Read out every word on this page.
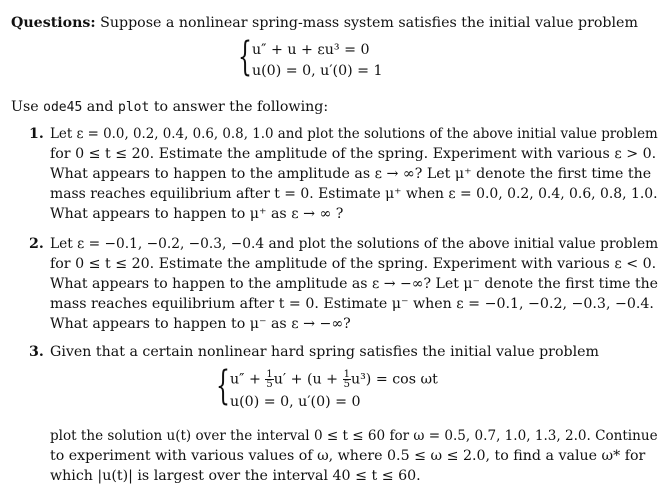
Questions: Suppose a nonlinear spring-mass system satisfies the initial value problem
{ u″ + u + εu³ = 0
u(0) = 0, u′(0) = 1
Use ode45 and plot to answer the following:
1. Let ε = 0.0, 0.2, 0.4, 0.6, 0.8, 1.0 and plot the solutions of the above initial value problem
for 0 ≤ t ≤ 20. Estimate the amplitude of the spring. Experiment with various ε > 0.
What appears to happen to the amplitude as ε → ∞? Let μ⁺ denote the first time the
mass reaches equilibrium after t = 0. Estimate μ⁺ when ε = 0.0, 0.2, 0.4, 0.6, 0.8, 1.0.
What appears to happen to μ⁺ as ε → ∞ ?
2. Let ε = −0.1, −0.2, −0.3, −0.4 and plot the solutions of the above initial value problem
for 0 ≤ t ≤ 20. Estimate the amplitude of the spring. Experiment with various ε < 0.
What appears to happen to the amplitude as ε → −∞? Let μ⁻ denote the first time the
mass reaches equilibrium after t = 0. Estimate μ⁻ when ε = −0.1, −0.2, −0.3, −0.4.
What appears to happen to μ⁻ as ε → −∞?
3. Given that a certain nonlinear hard spring satisfies the initial value problem
{ $u'' + \frac{1}{5} u' + (u + \frac{1}{5} u^3) = \cos \omega t$
u(0) = 0, u′(0) = 0
plot the solution u(t) over the interval 0 ≤ t ≤ 60 for ω = 0.5, 0.7, 1.0, 1.3, 2.0. Continue
to experiment with various values of ω, where 0.5 ≤ ω ≤ 2.0, to find a value ω* for
which |u(t)| is largest over the interval 40 ≤ t ≤ 60.
